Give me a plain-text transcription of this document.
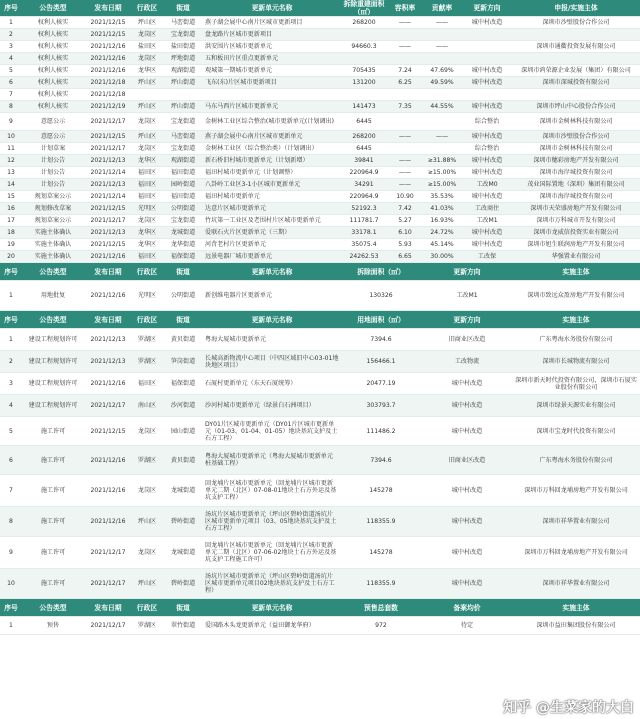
序号	公告类型	发布日期	行政区	街道	更新单元名称	拆除重建面积（㎡）	容积率	贡献率	更新方向	申报/实施主体
1	权利人核实	2021/12/15	坪山区	马峦街道	燕子湖会展中心南片区城市更新项目	268200	——	——	城中村改造	深圳市沙壁股份合作公司
2	权利人核实	2021/12/15	龙岗区	宝龙街道	盘龙路片区城市更新项目					
3	权利人核实	2021/12/16	盐田区	盐田街道	洪安围片区城市更新单元	94660.3	——	——		深圳市通衢投资发展有限公司
4	权利人核实	2021/12/16	龙岗区	坪地街道	五和板田片区重点更新单元					
5	权利人核实	2021/12/16	龙华区	观湖街道	观城第一期城市更新单元	705435	7.24	47.69%	城中村改造	深圳市鸿荣源企业发展（集团）有限公司
6	权利人核实	2021/12/18	坪山区	坪山街道	飞东(东)片区城市更新项目	131200	6.25	49.59%	城中村改造	深圳市深城投资有限公司
7	权利人核实	2021/12/18								
8	权利人核实	2021/12/19	坪山区	坪山街道	马东马西片区城市更新单元	141473	7.35	44.55%	城中村改造	深圳市坪山中心股份合作公司
9	意愿公示	2021/12/17	龙岗区	宝龙街道	金树林工业区综合整治(城市更新单元(计划调出)	6445			综合整治	深圳市金树林科技有限公司
10	意愿公示	2021/12/15	坪山区	马峦街道	燕子湖会展中心南片区城市更新单元	268200	——	——	城中村改造	深圳市沙壁股份合作公司
11	计划草案	2021/12/17	龙岗区	宝龙街道	金树林工业区（综合整治类）（计划调出）	6445			综合整治	深圳市金树林科技有限公司
12	计划公告	2021/12/13	龙华区	观湖街道	新石桥旧村城市更新单元（计划新增）	39841	——	≥31.88%	城中村改造	深圳市穗彩房地产开发有限公司
13	计划公告	2021/12/14	福田区	福田街道	福田村城市更新单元（计划调整）	220964.9	——	≥15.00%	城中村改造	深圳市海岸城投资有限公司
14	计划公告	2021/12/13	福田区	园岭街道	八卦岭工业区3-1小区城市更新单元	34291	——	≥15.00%	工改M0	茂业国际置地（深圳）集团有限公司
15	规划草案公示	2021/12/14	福田区	福田街道	福田村城市更新单元	220964.9	10.90	35.53%	城中村改造	深圳市海岸城投资有限公司
16	规划修改草案	2021/12/15	光明区	公明街道	达意片区城市更新单元	52192.3	7.42	41.03%	工改商住	深圳市天荣盛房地产开发有限公司
17	规划草案公示	2021/12/17	龙岗区	宝龙街道	竹坑第一工业区及老围村片区城市更新单元	111781.7	5.27	16.93%	工改M1	深圳市万科城市开发有限公司
18	实施主体确认	2021/12/13	龙华区	龙城街道	爱联石火片区更新单元（三期）	33178.1	6.10	24.72%	城中村改造	深圳市龙威信投资实业有限公司
19	实施主体确认	2021/12/15	龙华区	龙华街道	河背老村片区更新单元	35075.4	5.93	45.14%	城中村改造	深圳市旭生联润房地产开发有限公司
20	实施主体确认	2021/12/16	福田区	福保街道	远景电器厂城市更新单元	24262.53	6.65	30.00%	工改保	华强置业有限公司
序号	公告类型	发布日期	行政区	街道	更新单元名称	拆除面积（㎡）		更新方向		实施主体
1	用地批复	2021/12/16	光明区	公明街道	新创维电器片区更新单元	130326		工改M1		深圳市致远众盈房地产开发有限公司
序号	公告类型	发布日期	行政区	街道	更新单元名称	用地面积（㎡）		更新方向		实施主体
1	建设工程规划许可	2021/12/13	罗湖区	黄贝街道	粤海大厦城市更新单元	7394.6		旧商业区改造		广东粤海水务股份有限公司
2	建设工程规划许可	2021/12/13	罗湖区	笋岗街道	长城高新物流中心项目（中四区域旧中心03-01地块地区项目）	156466.1		工改物流		深圳市长城物流有限公司
3	建设工程规划许可	2021/12/16	福田区	福保街道	石厦村更新单元（东天石厦统筹）	20477.19		城中村改造		深圳市新天时代投资有限公司、深圳市石厦实业股份有限公司
4	建设工程规划许可	2021/12/17	南山区	沙河街道	沙河村城市更新单元（绿景白石洲项目）	303793.7		城中村改造		深圳市绿景天源实业有限公司
5	施工许可	2021/12/15	龙岗区	园山街道	DY01片区城市更新单元（DY01片区城市更新单元（01-03、01-04、01-05）地块基坑支护及土石方工程）	111486.2		城中村改造		深圳市宝龙时代投资有限公司
6	施工许可	2021/12/16	罗湖区	黄贝街道	粤海大厦城市更新单元（粤海大厦城市更新单元桩基础工程）	7394.6		旧商业区改造		广东粤海水务股份有限公司
7	施工许可	2021/12/16	龙岗区	龙城街道	回龙埔片区城市更新单元（回龙埔片区城市更新单元二期（北区）07-08-01地块土石方外运及基坑支护工程）	145278		城中村改造		深圳市万科回龙埔房地产开发有限公司
8	施工许可	2021/12/16	坪山区	碧岭街道	汤坑片区城市更新单元（坪山区碧岭街道汤坑片区城市更新单元项目（03、05地块基坑支护及土石方工程）	118355.9		城中村改造		深圳市祥华置业有限公司
9	施工许可	2021/12/17	龙岗区	龙城街道	回龙埔片区城市更新单元（回龙埔片区城市更新单元二期（北区）07-06-02地块土石方外运及基坑支护工程施工许可）	145278		城中村改造		深圳市万科回龙埔房地产开发有限公司
10	施工许可	2021/12/17	坪山区	碧岭街道	汤坑片区城市更新单元（坪山区碧岭街道汤坑片区城市更新单元项目02地块基坑支护及土石方工程）	118355.9		城中村改造		深圳市祥华置业有限公司
序号	公告类型	发布日期	行政区	街道	更新单元名称	预售总套数		备案均价		实施主体
1	预售	2021/12/17	罗湖区	翠竹街道	爱国路木头龙更新单元（益田御龙华府）	972		待定		深圳市益田集团股份有限公司
知乎 @生菜家的大白
